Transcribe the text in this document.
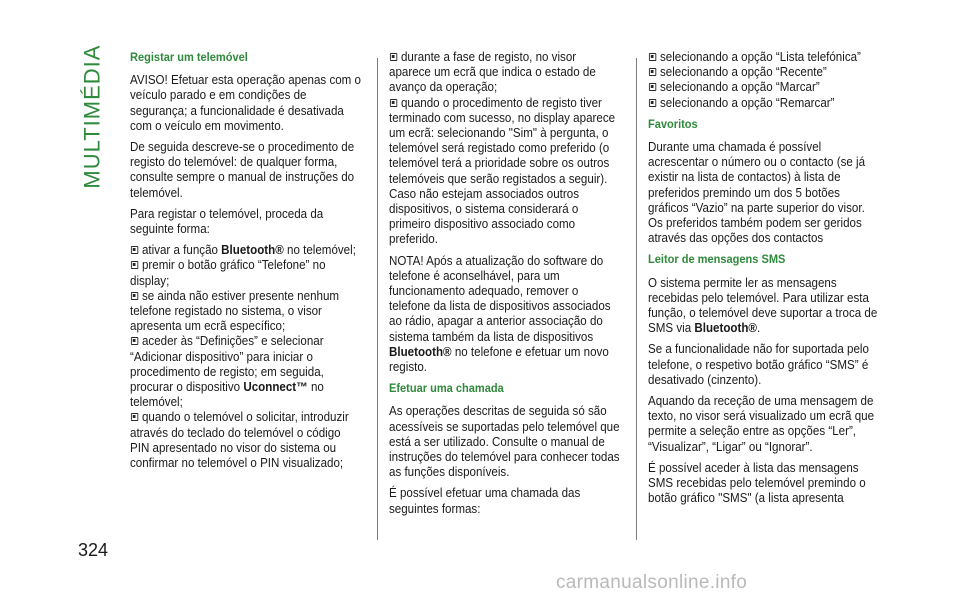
MULTIMÉDIA Registar um telemóvel

AVISO! Efetuar esta operação apenas com o veículo parado e em condições de segurança; a funcionalidade é desativada com o veículo em movimento.

De seguida descreve-se o procedimento de registo do telemóvel: de qualquer forma, consulte sempre o manual de instruções do telemóvel.

Para registar o telemóvel, proceda da seguinte forma:

ativar a função Bluetooth® no telemóvel;

premir o botão gráfico “Telefone” no display;

se ainda não estiver presente nenhum telefone registado no sistema, o visor apresenta um ecrã específico;

aceder às “Definições” e selecionar “Adicionar dispositivo” para iniciar o procedimento de registo; em seguida, procurar o dispositivo Uconnect™ no telemóvel;

quando o telemóvel o solicitar, introduzir através do teclado do telemóvel o código PIN apresentado no visor do sistema ou confirmar no telemóvel o PIN visualizado;

durante a fase de registo, no visor aparece um ecrã que indica o estado de avanço da operação;

quando o procedimento de registo tiver terminado com sucesso, no display aparece um ecrã: selecionando "Sim" à pergunta, o telemóvel será registado como preferido (o telemóvel terá a prioridade sobre os outros telemóveis que serão registados a seguir). Caso não estejam associados outros dispositivos, o sistema considerará o primeiro dispositivo associado como preferido.

NOTA! Após a atualização do software do telefone é aconselhável, para um funcionamento adequado, remover o telefone da lista de dispositivos associados ao rádio, apagar a anterior associação do sistema também da lista de dispositivos Bluetooth® no telefone e efetuar um novo registo.

Efetuar uma chamada

As operações descritas de seguida só são acessíveis se suportadas pelo telemóvel que está a ser utilizado. Consulte o manual de instruções do telemóvel para conhecer todas as funções disponíveis.

É possível efetuar uma chamada das seguintes formas:

selecionando a opção “Lista telefónica”

selecionando a opção “Recente”

selecionando a opção “Marcar”

selecionando a opção “Remarcar”

Favoritos

Durante uma chamada é possível acrescentar o número ou o contacto (se já existir na lista de contactos) à lista de preferidos premindo um dos 5 botões gráficos “Vazio” na parte superior do visor. Os preferidos também podem ser geridos através das opções dos contactos

Leitor de mensagens SMS

O sistema permite ler as mensagens recebidas pelo telemóvel. Para utilizar esta função, o telemóvel deve suportar a troca de SMS via Bluetooth®.

Se a funcionalidade não for suportada pelo telefone, o respetivo botão gráfico “SMS” é desativado (cinzento).

Aquando da receção de uma mensagem de texto, no visor será visualizado um ecrã que permite a seleção entre as opções “Ler”, “Visualizar”, “Ligar” ou “Ignorar”.

É possível aceder à lista das mensagens SMS recebidas pelo telemóvel premindo o botão gráfico "SMS" (a lista apresenta

324
carmanualsonline.info
